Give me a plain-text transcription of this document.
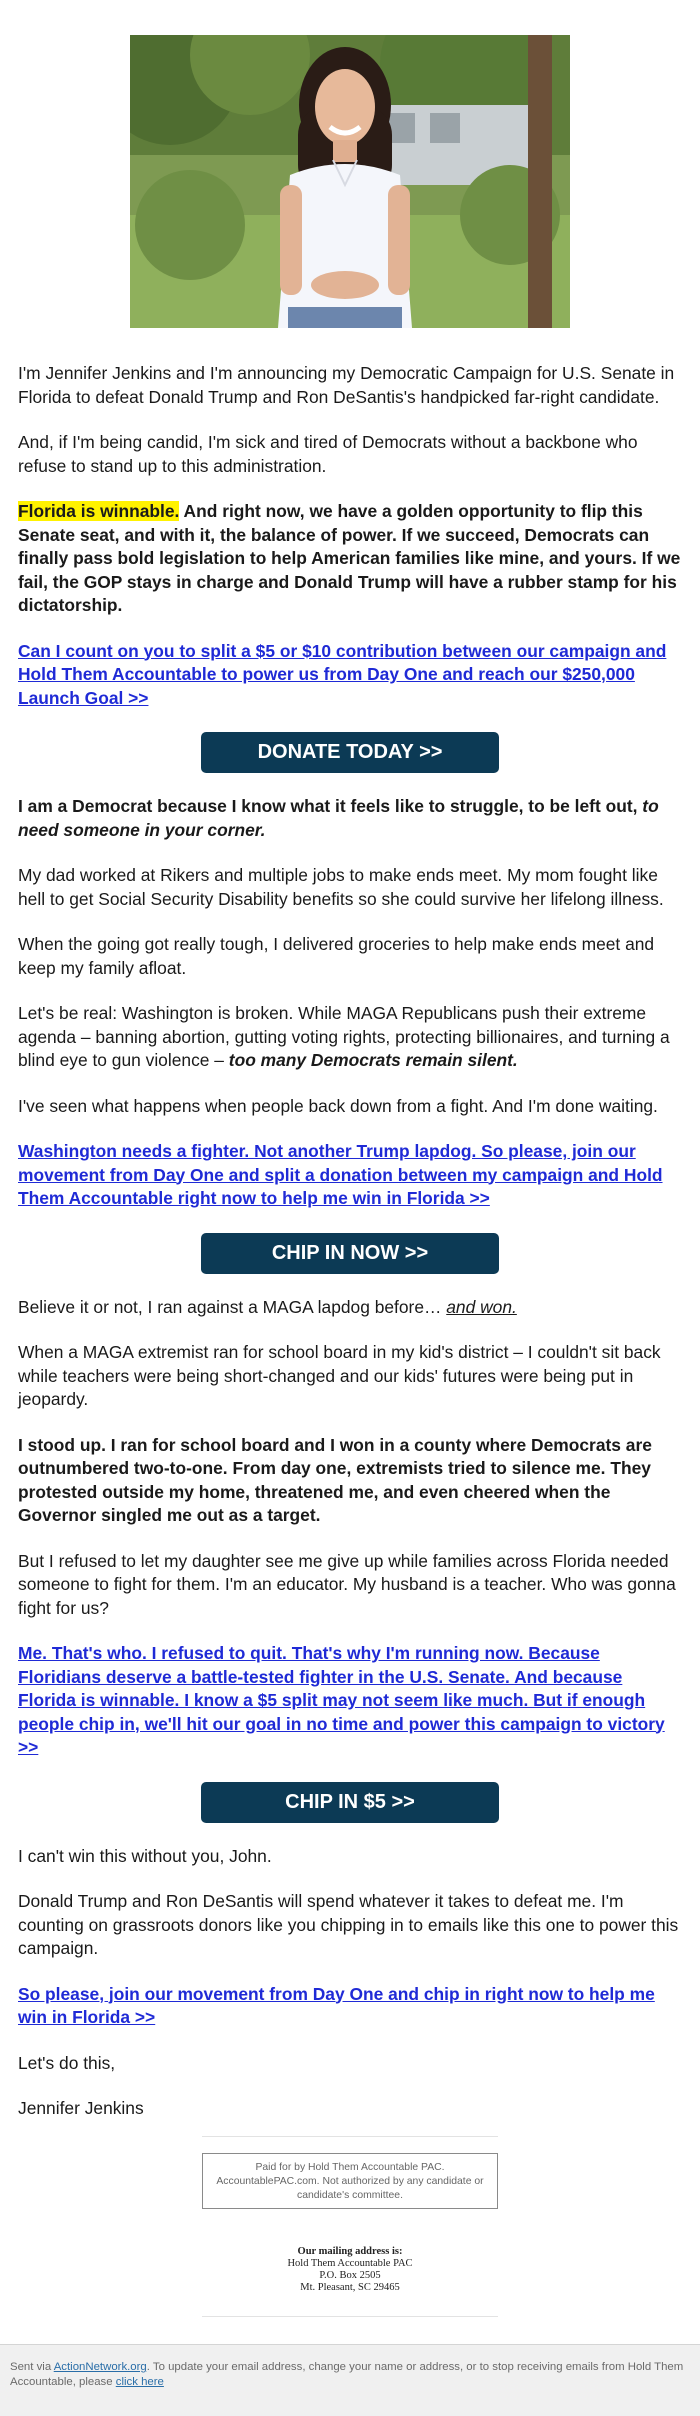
I'm Jennifer Jenkins and I'm announcing my Democratic Campaign for U.S. Senate in Florida to defeat Donald Trump and Ron DeSantis's handpicked far-right candidate.

And, if I'm being candid, I'm sick and tired of Democrats without a backbone who refuse to stand up to this administration.

Florida is winnable. And right now, we have a golden opportunity to flip this Senate seat, and with it, the balance of power. If we succeed, Democrats can finally pass bold legislation to help American families like mine, and yours. If we fail, the GOP stays in charge and Donald Trump will have a rubber stamp for his dictatorship.

Can I count on you to split a $5 or $10 contribution between our campaign and Hold Them Accountable to power us from Day One and reach our $250,000 Launch Goal >>

DONATE TODAY >>

I am a Democrat because I know what it feels like to struggle, to be left out, to need someone in your corner.

My dad worked at Rikers and multiple jobs to make ends meet. My mom fought like hell to get Social Security Disability benefits so she could survive her lifelong illness.

When the going got really tough, I delivered groceries to help make ends meet and keep my family afloat.

Let's be real: Washington is broken. While MAGA Republicans push their extreme agenda – banning abortion, gutting voting rights, protecting billionaires, and turning a blind eye to gun violence – too many Democrats remain silent.

I've seen what happens when people back down from a fight. And I'm done waiting.

Washington needs a fighter. Not another Trump lapdog. So please, join our movement from Day One and split a donation between my campaign and Hold Them Accountable right now to help me win in Florida >>

CHIP IN NOW >>

Believe it or not, I ran against a MAGA lapdog before… and won.

When a MAGA extremist ran for school board in my kid's district – I couldn't sit back while teachers were being short-changed and our kids' futures were being put in jeopardy.

I stood up. I ran for school board and I won in a county where Democrats are outnumbered two-to-one. From day one, extremists tried to silence me. They protested outside my home, threatened me, and even cheered when the Governor singled me out as a target.

But I refused to let my daughter see me give up while families across Florida needed someone to fight for them. I'm an educator. My husband is a teacher. Who was gonna fight for us?

Me. That's who. I refused to quit. That's why I'm running now. Because Floridians deserve a battle-tested fighter in the U.S. Senate. And because Florida is winnable. I know a $5 split may not seem like much. But if enough people chip in, we'll hit our goal in no time and power this campaign to victory >>

CHIP IN $5 >>

I can't win this without you, John.

Donald Trump and Ron DeSantis will spend whatever it takes to defeat me. I'm counting on grassroots donors like you chipping in to emails like this one to power this campaign.

So please, join our movement from Day One and chip in right now to help me win in Florida >>

Let's do this,

Jennifer Jenkins

Paid for by Hold Them Accountable PAC. AccountablePAC.com. Not authorized by any candidate or candidate's committee.
Our mailing address is:
Hold Them Accountable PAC
P.O. Box 2505
Mt. Pleasant, SC 29465
Sent via ActionNetwork.org. To update your email address, change your name or address, or to stop receiving emails from Hold Them Accountable, please click here
